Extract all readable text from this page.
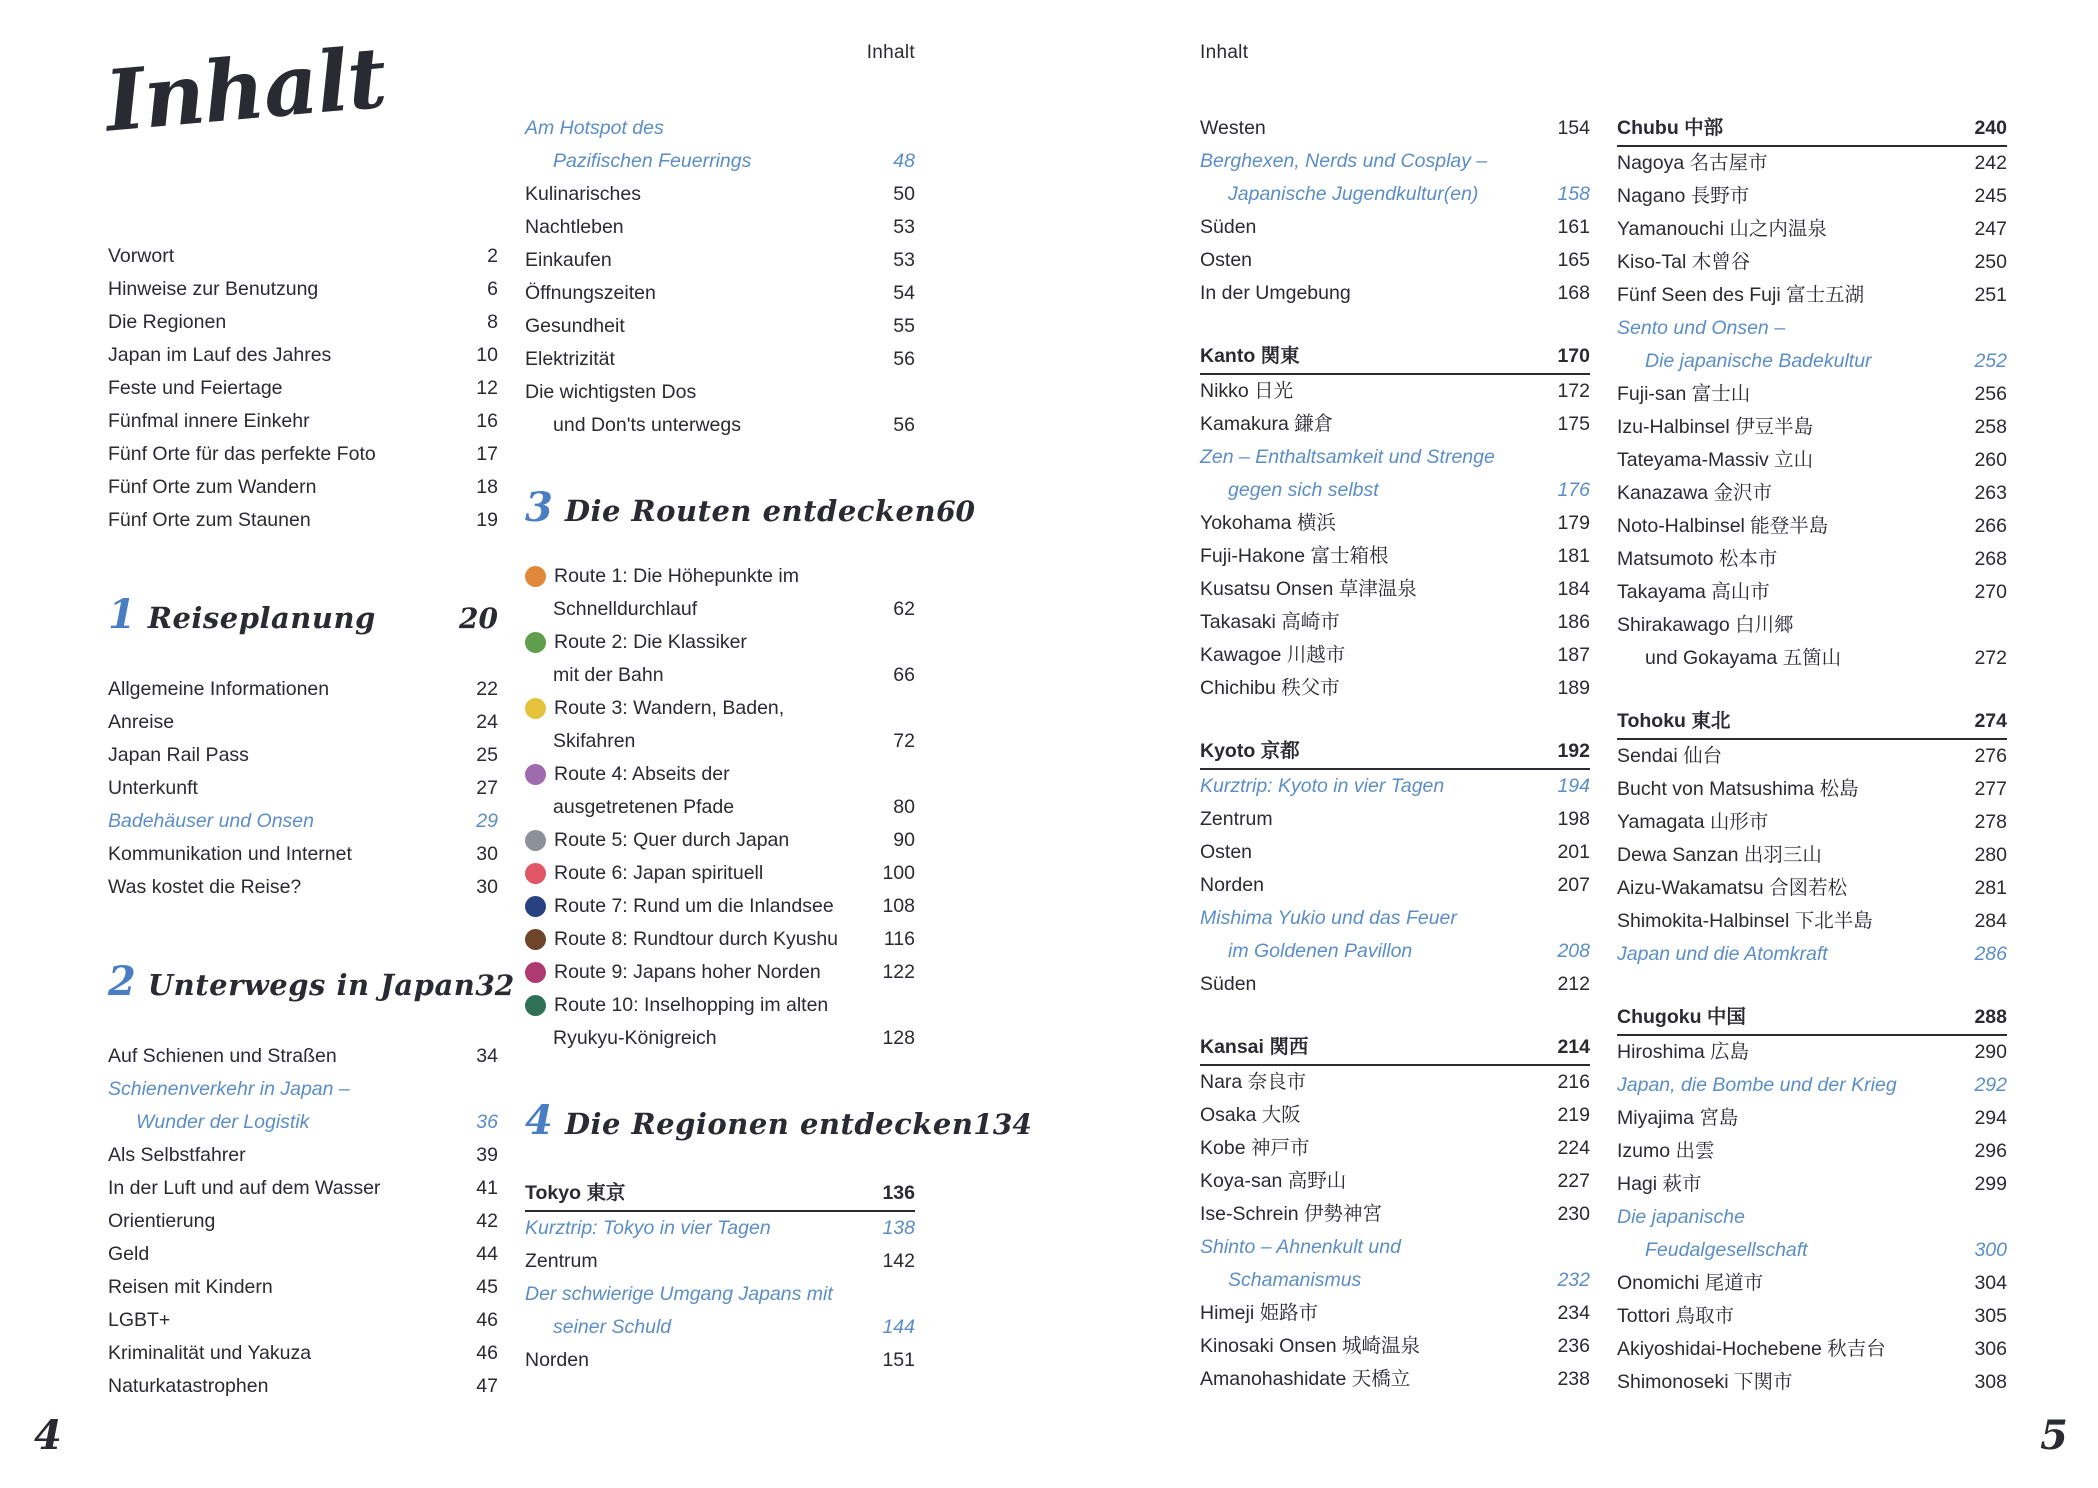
Inhalt	Inhalt
Inhalt
Vorwort	2
Hinweise zur Benutzung	6
Die Regionen	8
Japan im Lauf des Jahres	10
Feste und Feiertage	12
Fünfmal innere Einkehr	16
Fünf Orte für das perfekte Foto	17
Fünf Orte zum Wandern	18
Fünf Orte zum Staunen	19
1 Reiseplanung	20
Allgemeine Informationen	22
Anreise	24
Japan Rail Pass	25
Unterkunft	27
Badehäuser und Onsen	29
Kommunikation und Internet	30
Was kostet die Reise?	30
2 Unterwegs in Japan 32
Auf Schienen und Straßen	34
Schienenverkehr in Japan –
Wunder der Logistik	36
Als Selbstfahrer	39
In der Luft und auf dem Wasser	41
Orientierung	42
Geld	44
Reisen mit Kindern	45
LGBT+	46
Kriminalität und Yakuza	46
Naturkatastrophen	47
Am Hotspot des
Pazifischen Feuerrings	48
Kulinarisches	50
Nachtleben	53
Einkaufen	53
Öffnungszeiten	54
Gesundheit	55
Elektrizität	56
Die wichtigsten Dos
und Don'ts unterwegs	56
3 Die Routen entdecken 60
Route 1: Die Höhepunkte im
Schnelldurchlauf	62
Route 2: Die Klassiker
mit der Bahn	66
Route 3: Wandern, Baden,
Skifahren	72
Route 4: Abseits der
ausgetretenen Pfade	80
Route 5: Quer durch Japan	90
Route 6: Japan spirituell	100
Route 7: Rund um die Inlandsee	108
Route 8: Rundtour durch Kyushu	116
Route 9: Japans hoher Norden	122
Route 10: Inselhopping im alten
Ryukyu-Königreich	128
4 Die Regionen entdecken 134
Tokyo 東京	136
Kurztrip: Tokyo in vier Tagen	138
Zentrum	142
Der schwierige Umgang Japans mit
seiner Schuld	144
Norden	151
Westen	154
Berghexen, Nerds und Cosplay –
Japanische Jugendkultur(en)	158
Süden	161
Osten	165
In der Umgebung	168
Kanto 関東	170
Nikko 日光	172
Kamakura 鎌倉	175
Zen – Enthaltsamkeit und Strenge
gegen sich selbst	176
Yokohama 横浜	179
Fuji-Hakone 富士箱根	181
Kusatsu Onsen 草津温泉	184
Takasaki 高崎市	186
Kawagoe 川越市	187
Chichibu 秩父市	189
Kyoto 京都	192
Kurztrip: Kyoto in vier Tagen	194
Zentrum	198
Osten	201
Norden	207
Mishima Yukio und das Feuer
im Goldenen Pavillon	208
Süden	212
Kansai 関西	214
Nara 奈良市	216
Osaka 大阪	219
Kobe 神戸市	224
Koya-san 高野山	227
Ise-Schrein 伊勢神宮	230
Shinto – Ahnenkult und
Schamanismus	232
Himeji 姫路市	234
Kinosaki Onsen 城崎温泉	236
Amanohashidate 天橋立	238
Chubu 中部	240
Nagoya 名古屋市	242
Nagano 長野市	245
Yamanouchi 山之内温泉	247
Kiso-Tal 木曾谷	250
Fünf Seen des Fuji 富士五湖	251
Sento und Onsen –
Die japanische Badekultur	252
Fuji-san 富士山	256
Izu-Halbinsel 伊豆半島	258
Tateyama-Massiv 立山	260
Kanazawa 金沢市	263
Noto-Halbinsel 能登半島	266
Matsumoto 松本市	268
Takayama 高山市	270
Shirakawago 白川郷
und Gokayama 五箇山	272
Tohoku 東北	274
Sendai 仙台	276
Bucht von Matsushima 松島	277
Yamagata 山形市	278
Dewa Sanzan 出羽三山	280
Aizu-Wakamatsu 合図若松	281
Shimokita-Halbinsel 下北半島	284
Japan und die Atomkraft	286
Chugoku 中国	288
Hiroshima 広島	290
Japan, die Bombe und der Krieg	292
Miyajima 宮島	294
Izumo 出雲	296
Hagi 萩市	299
Die japanische
Feudalgesellschaft	300
Onomichi 尾道市	304
Tottori 鳥取市	305
Akiyoshidai-Hochebene 秋吉台	306
Shimonoseki 下関市	308
4	5
